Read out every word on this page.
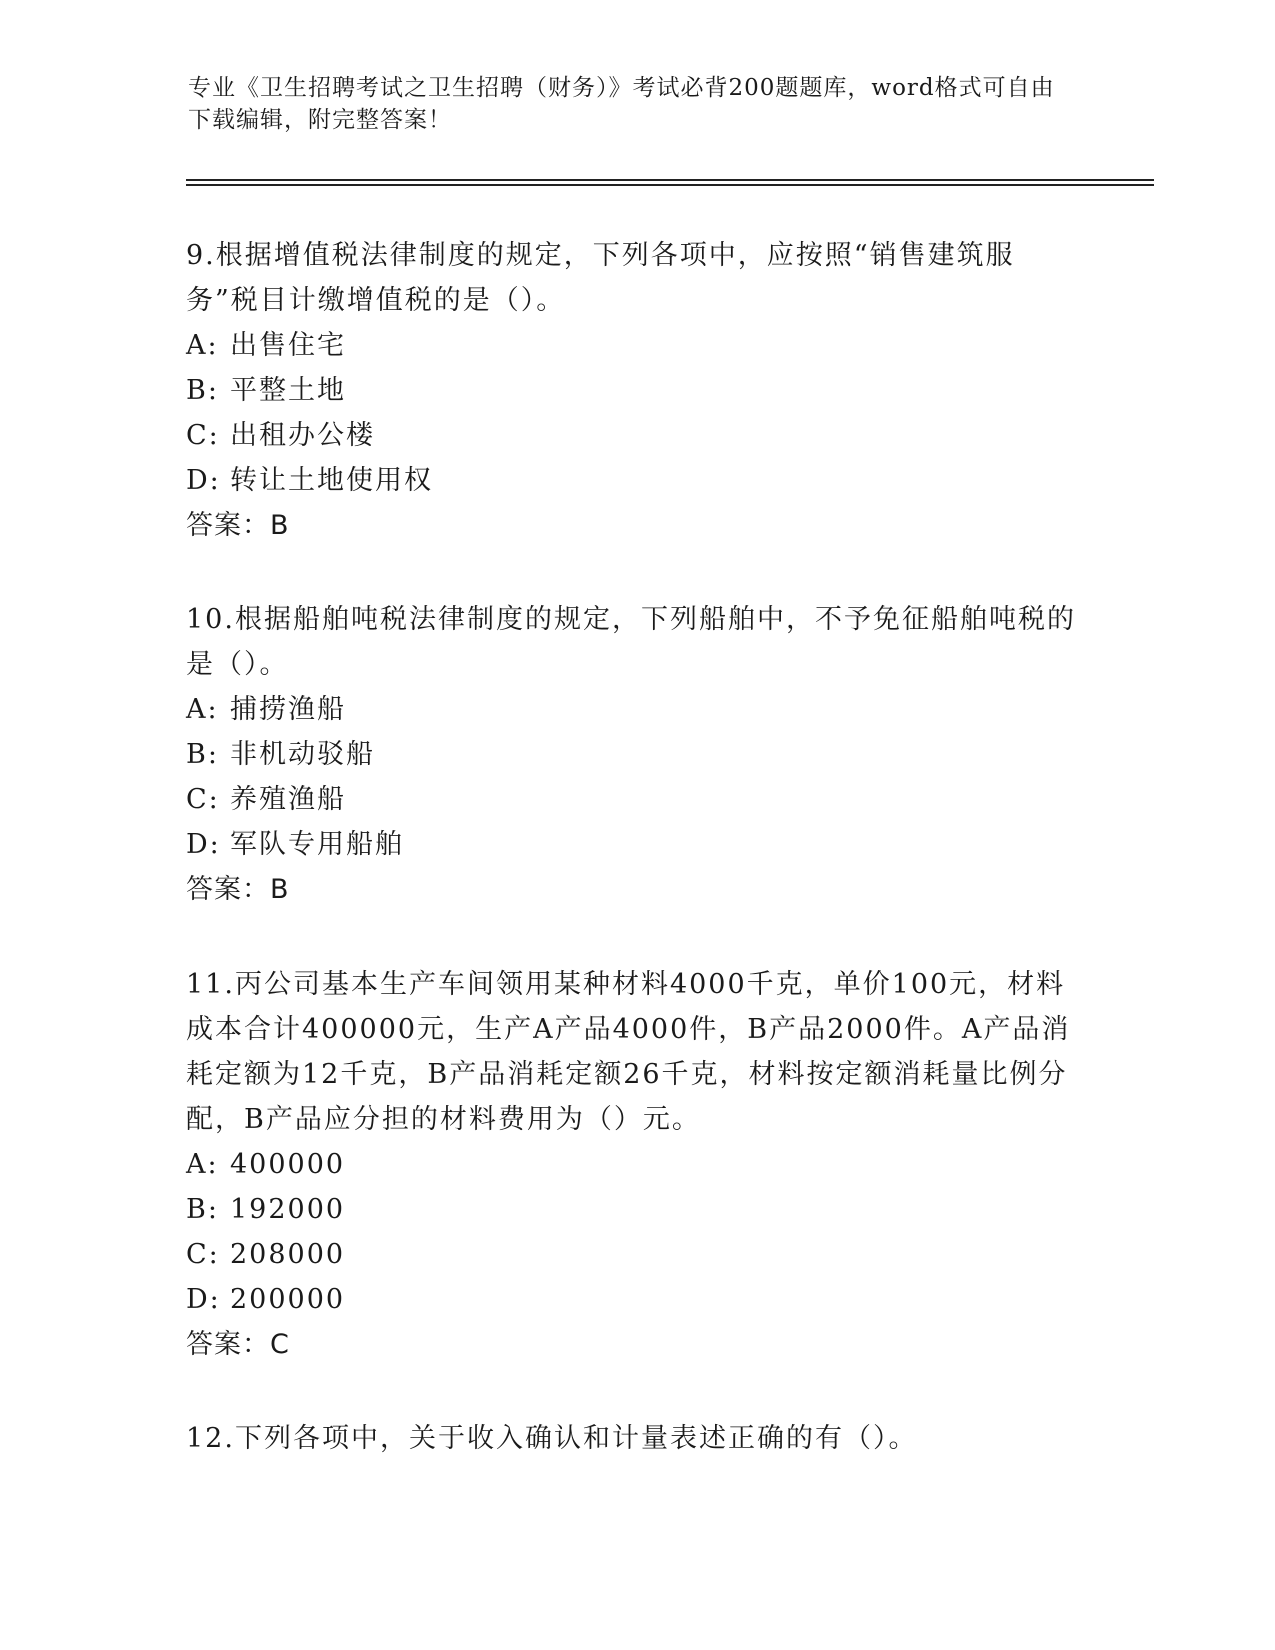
专业《卫生招聘考试之卫生招聘（财务）》考试必背200题题库，word格式可自由下载编辑，附完整答案！

9.根据增值税法律制度的规定，下列各项中，应按照“销售建筑服务”税目计缴增值税的是（）。

A: 出售住宅
B: 平整土地
C: 出租办公楼
D: 转让土地使用权

答案：B

10.根据船舶吨税法律制度的规定，下列船舶中，不予免征船舶吨税的是（）。

A: 捕捞渔船
B: 非机动驳船
C: 养殖渔船
D: 军队专用船舶

答案：B

11.丙公司基本生产车间领用某种材料4000千克，单价100元，材料成本合计400000元，生产A产品4000件，B产品2000件。A产品消耗定额为12千克，B产品消耗定额26千克，材料按定额消耗量比例分配，B产品应分担的材料费用为（）元。

A: 400000
B: 192000
C: 208000
D: 200000

答案：C

12.下列各项中，关于收入确认和计量表述正确的有（）。
